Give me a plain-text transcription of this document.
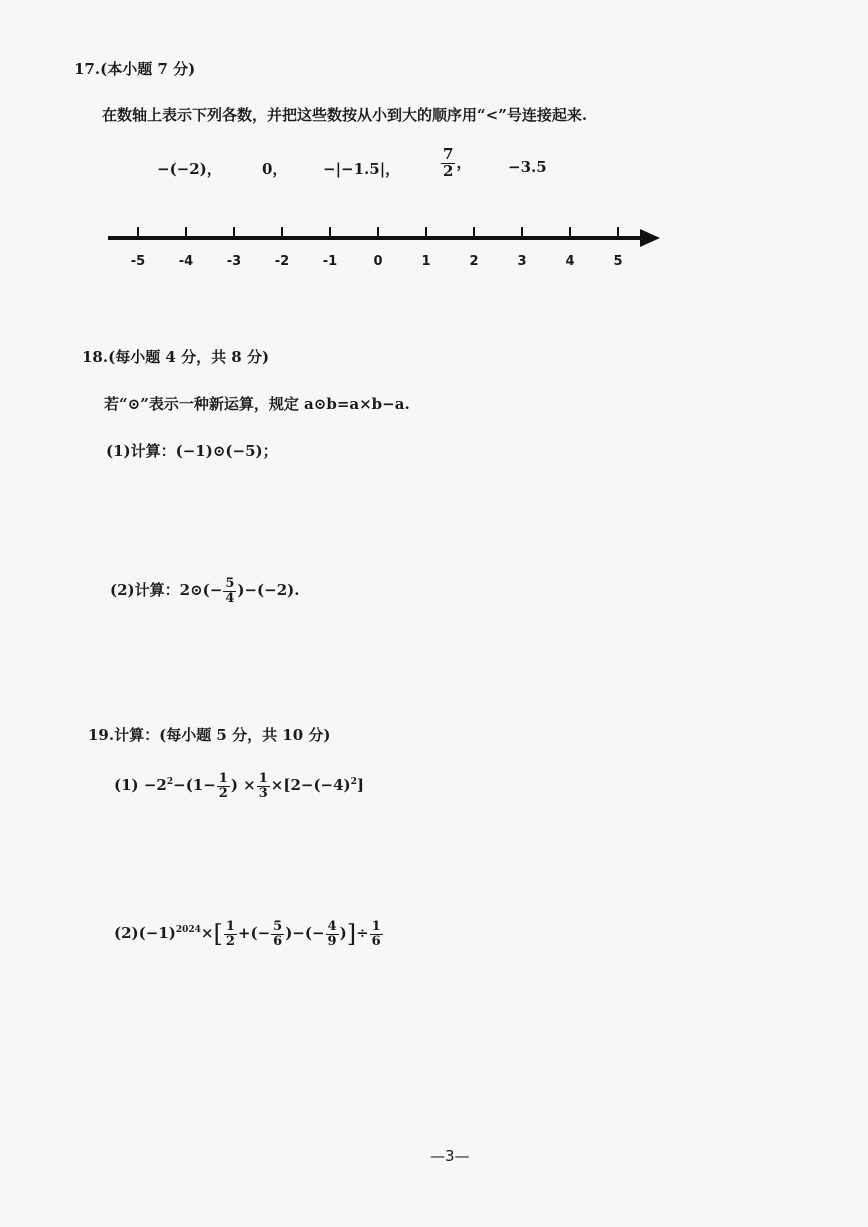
17.(本小题 7 分)
在数轴上表示下列各数，并把这些数按从小到大的顺序用“<”号连接起来.
−(−2)，	0， −|−1.5|，	$\frac{7}{2}$ ， −3.5
-5	-4	-3	-2	-1	0	1	2	3	4	5
18.(每小题 4 分，共 8 分)
若“⊙”表示一种新运算，规定 a⊙b=a×b−a.
(1)计算：(−1)⊙(−5)；
(2)计算：2⊙(− $\frac{5}{4} )-(-2)$.
19.计算：(每小题 5 分，共 10 分)
$(1) -2^2-(1- \frac{1}{2}$ ) × $\frac{1}{3} \times[2-(-4)^2]$
$(2)(-1)^{2024}\times[ \frac{1}{2}$ +(− $\frac{5}{6}$ )−(− $\frac{4}{9}$ )]÷ $\frac{1}{6}$
—3—
